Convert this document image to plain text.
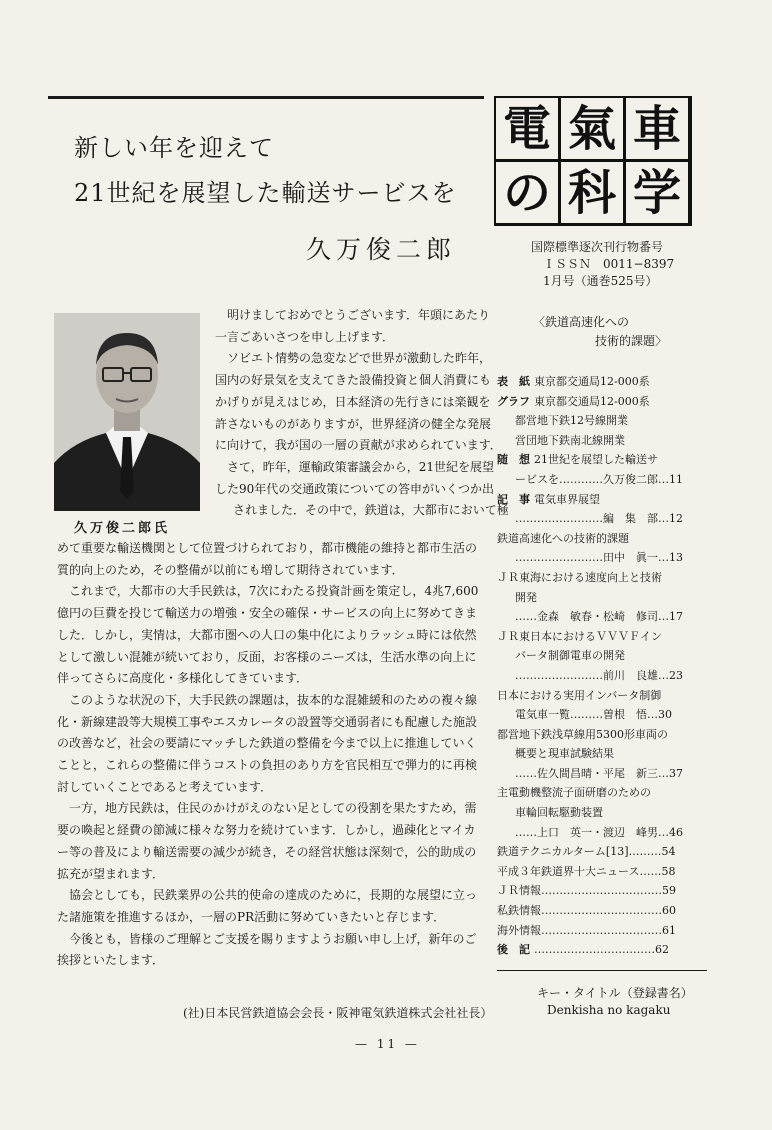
新しい年を迎えて
21世紀を展望した輸送サービスを
久万俊二郎
電 氣 車
の 科 学
国際標準逐次刊行物番号
ＩＳＳＮ　0011−8397
1月号（通巻525号）
久万俊二郎氏
明けましておめでとうございます．年頭にあたり
一言ごあいさつを申し上げます．
ソビエト情勢の急変などで世界が激動した昨年，
国内の好景気を支えてきた設備投資と個人消費にも
かげりが見えはじめ，日本経済の先行きには楽観を
許さないものがありますが，世界経済の健全な発展
に向けて，我が国の一層の貢献が求められています．
さて，昨年，運輸政策審議会から，21世紀を展望
した90年代の交通政策についての答申がいくつか出
されました．その中で，鉄道は，大都市において極
めて重要な輸送機関として位置づけられており，都市機能の維持と都市生活の
質的向上のため，その整備が以前にも増して期待されています．
これまで，大都市の大手民鉄は，7次にわたる投資計画を策定し，4兆7,600
億円の巨費を投じて輸送力の増強・安全の確保・サービスの向上に努めてきま
した．しかし，実情は，大都市圏への人口の集中化によりラッシュ時には依然
として激しい混雑が続いており，反面，お客様のニーズは，生活水準の向上に
伴ってさらに高度化・多様化してきています．
このような状況の下，大手民鉄の課題は，抜本的な混雑緩和のための複々線
化・新線建設等大規模工事やエスカレータの設置等交通弱者にも配慮した施設
の改善など，社会の要請にマッチした鉄道の整備を今まで以上に推進していく
ことと，これらの整備に伴うコストの負担のあり方を官民相互で弾力的に再検
討していくことであると考えています．
一方，地方民鉄は，住民のかけがえのない足としての役割を果たすため，需
要の喚起と経費の節減に様々な努力を続けています．しかし，過疎化とマイカ
ー等の普及により輸送需要の減少が続き，その経営状態は深刻で，公的助成の
拡充が望まれます．
協会としても，民鉄業界の公共的使命の達成のために，長期的な展望に立っ
た諸施策を推進するほか，一層のPR活動に努めていきたいと存じます．
今後とも，皆様のご理解とご支援を賜りますようお願い申し上げ，新年のご
挨拶といたします．
(社)日本民営鉄道協会会長・阪神電気鉄道株式会社社長）
— 11 —
〈鉄道高速化への
技術的課題〉
表　紙 東京都交通局12-000系
グラフ 東京都交通局12-000系
都営地下鉄12号線開業
営団地下鉄南北線開業
随　想 21世紀を展望した輸送サ
ービスを…………久万俊二郎…11
記　事 電気車界展望
……………………編　集　部…12
鉄道高速化への技術的課題
……………………田中　眞一…13
ＪＲ東海における速度向上と技術
開発
……金森　敏春・松崎　修司…17
ＪＲ東日本におけるＶＶＶＦイン
バータ制御電車の開発
……………………前川　良雄…23
日本における実用インバータ制御
電気車一覧………曽根　悟…30
都営地下鉄浅草線用5300形車両の
概要と現車試験結果
……佐久間昌晴・平尾　新三…37
主電動機整流子面研磨のための
車輪回転駆動装置
……上口　英一・渡辺　峰男…46
鉄道テクニカルターム[13]………54
平成３年鉄道界十大ニュース……58
ＪＲ情報……………………………59
私鉄情報……………………………60
海外情報……………………………61
後　記 ……………………………62
キー・タイトル（登録書名）
Denkisha no kagaku
